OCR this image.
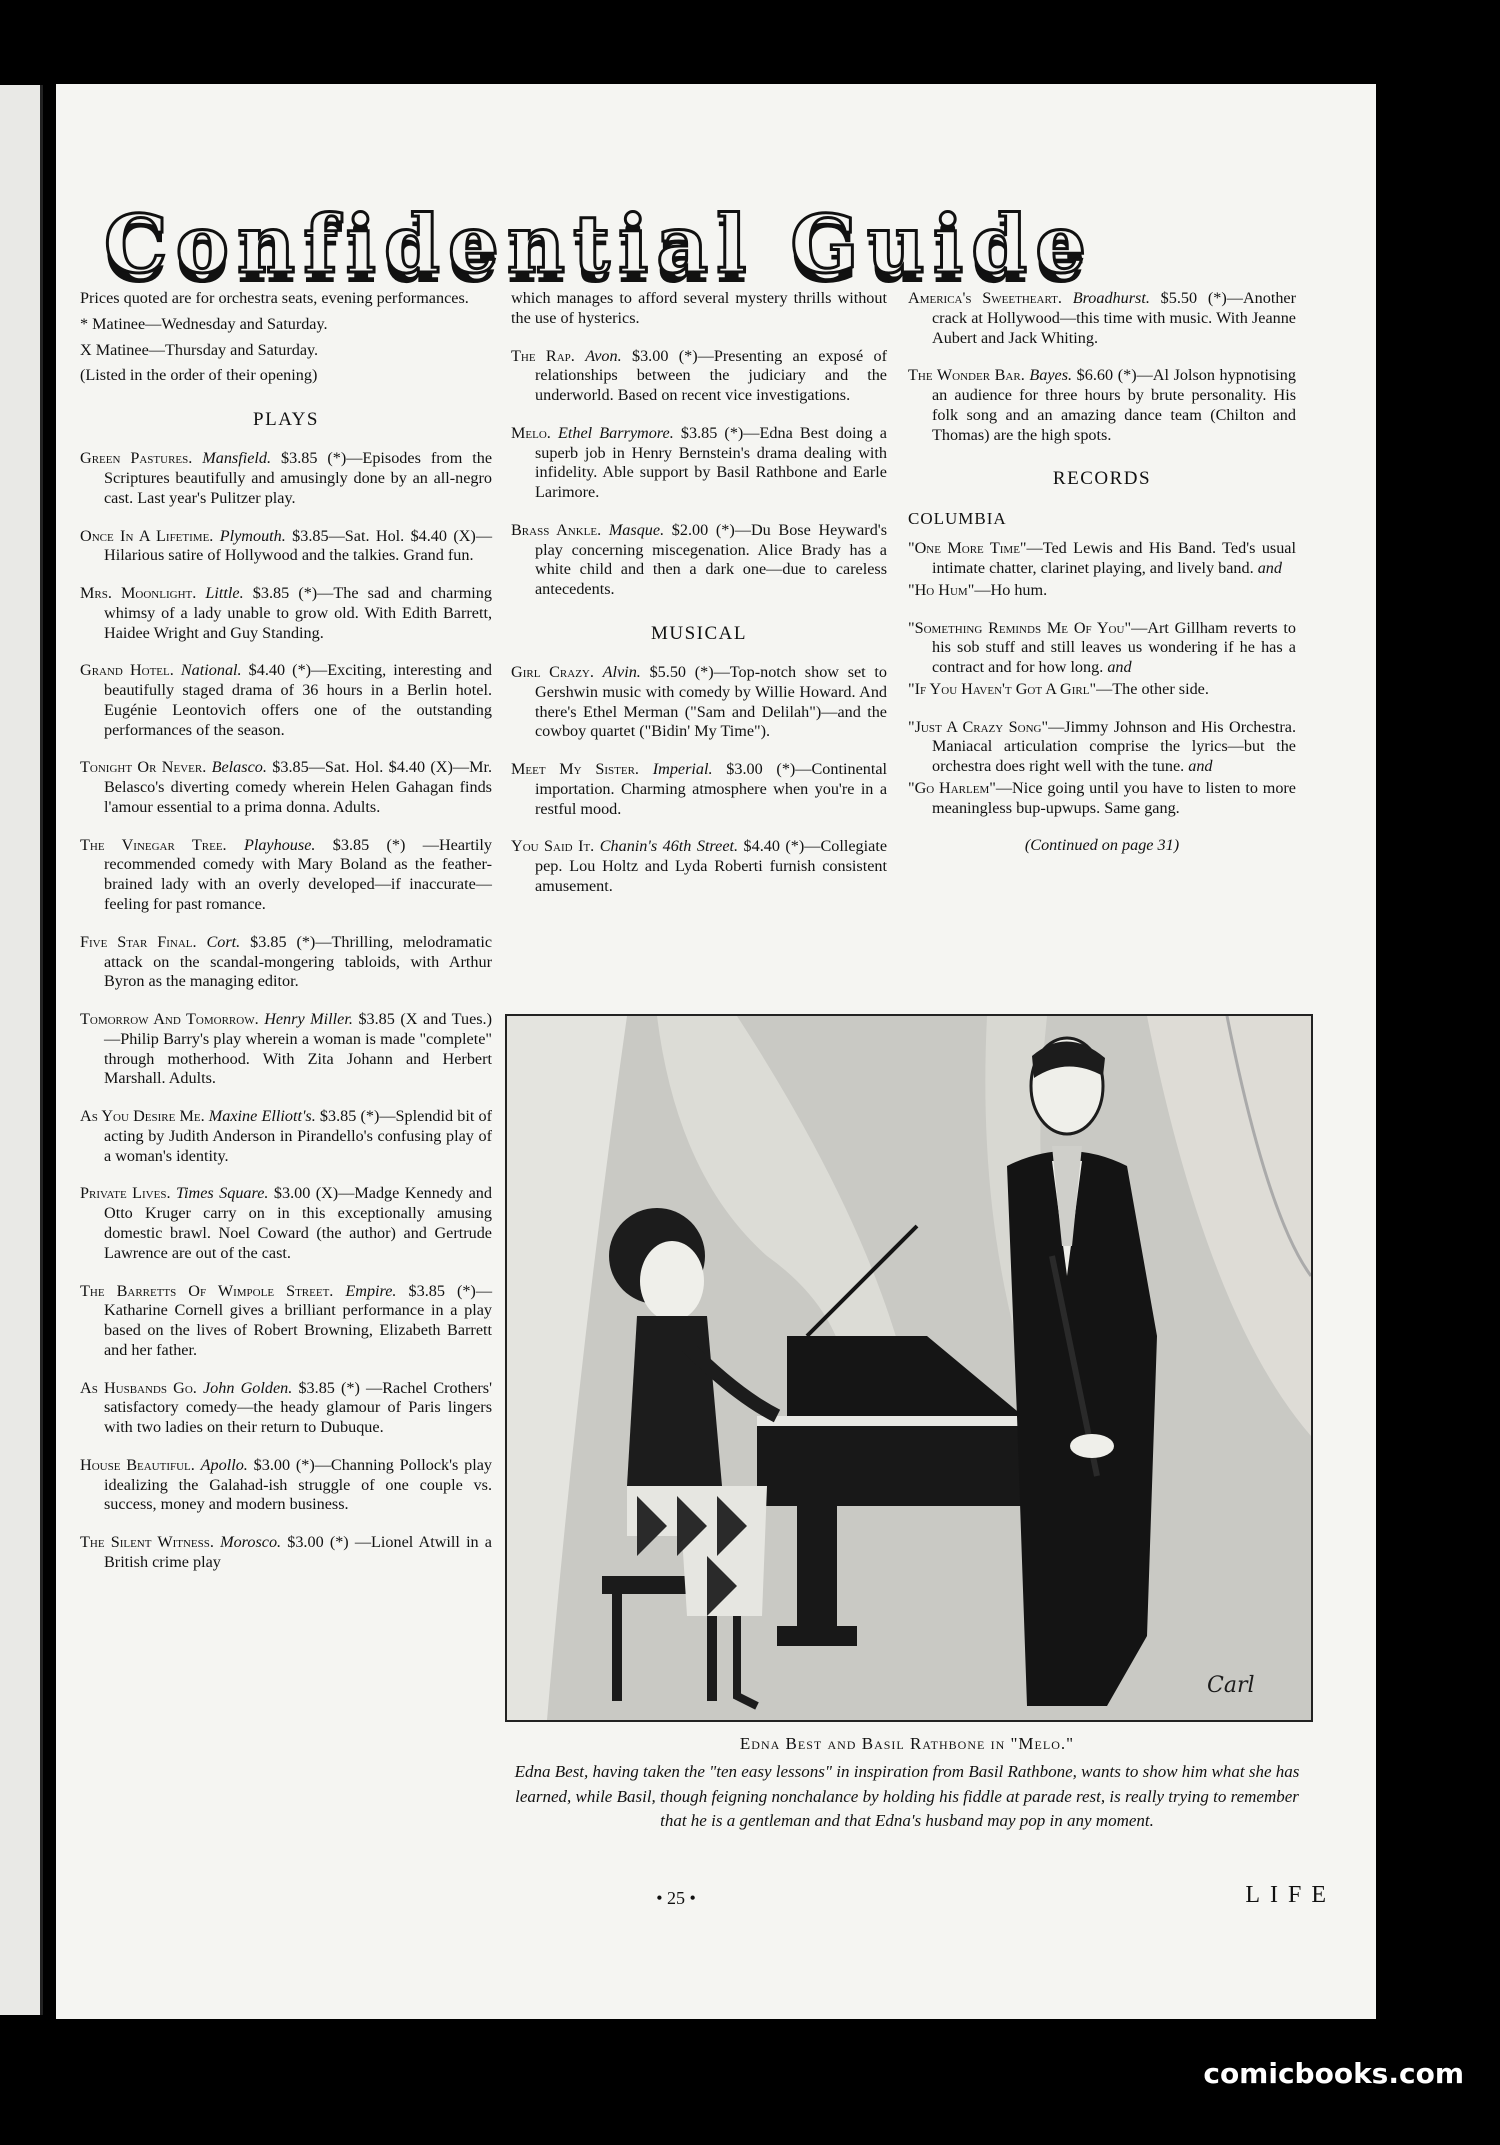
Confidential Guide

Prices quoted are for orchestra seats, evening performances.

* Matinee—Wednesday and Saturday.

X Matinee—Thursday and Saturday.

(Listed in the order of their opening)

PLAYS

Green Pastures. Mansfield. $3.85 (*)—Episodes from the Scriptures beautifully and amusingly done by an all-negro cast. Last year's Pulitzer play.

Once In A Lifetime. Plymouth. $3.85—Sat. Hol. $4.40 (X)—Hilarious satire of Hollywood and the talkies. Grand fun.

Mrs. Moonlight. Little. $3.85 (*)—The sad and charming whimsy of a lady unable to grow old. With Edith Barrett, Haidee Wright and Guy Standing.

Grand Hotel. National. $4.40 (*)—Exciting, interesting and beautifully staged drama of 36 hours in a Berlin hotel. Eugénie Leontovich offers one of the outstanding performances of the season.

Tonight Or Never. Belasco. $3.85—Sat. Hol. $4.40 (X)—Mr. Belasco's diverting comedy wherein Helen Gahagan finds l'amour essential to a prima donna. Adults.

The Vinegar Tree. Playhouse. $3.85 (*) —Heartily recommended comedy with Mary Boland as the feather-brained lady with an overly developed—if inaccurate—feeling for past romance.

Five Star Final. Cort. $3.85 (*)—Thrilling, melodramatic attack on the scandal-mongering tabloids, with Arthur Byron as the managing editor.

Tomorrow And Tomorrow. Henry Miller. $3.85 (X and Tues.)—Philip Barry's play wherein a woman is made "complete" through motherhood. With Zita Johann and Herbert Marshall. Adults.

As You Desire Me. Maxine Elliott's. $3.85 (*)—Splendid bit of acting by Judith Anderson in Pirandello's confusing play of a woman's identity.

Private Lives. Times Square. $3.00 (X)—Madge Kennedy and Otto Kruger carry on in this exceptionally amusing domestic brawl. Noel Coward (the author) and Gertrude Lawrence are out of the cast.

The Barretts Of Wimpole Street. Empire. $3.85 (*)—Katharine Cornell gives a brilliant performance in a play based on the lives of Robert Browning, Elizabeth Barrett and her father.

As Husbands Go. John Golden. $3.85 (*) —Rachel Crothers' satisfactory comedy—the heady glamour of Paris lingers with two ladies on their return to Dubuque.

House Beautiful. Apollo. $3.00 (*)—Channing Pollock's play idealizing the Galahad-ish struggle of one couple vs. success, money and modern business.

The Silent Witness. Morosco. $3.00 (*) —Lionel Atwill in a British crime play

which manages to afford several mystery thrills without the use of hysterics.

The Rap. Avon. $3.00 (*)—Presenting an exposé of relationships between the judiciary and the underworld. Based on recent vice investigations.

Melo. Ethel Barrymore. $3.85 (*)—Edna Best doing a superb job in Henry Bernstein's drama dealing with infidelity. Able support by Basil Rathbone and Earle Larimore.

Brass Ankle. Masque. $2.00 (*)—Du Bose Heyward's play concerning miscegenation. Alice Brady has a white child and then a dark one—due to careless antecedents.

MUSICAL

Girl Crazy. Alvin. $5.50 (*)—Top-notch show set to Gershwin music with comedy by Willie Howard. And there's Ethel Merman ("Sam and Delilah")—and the cowboy quartet ("Bidin' My Time").

Meet My Sister. Imperial. $3.00 (*)—Continental importation. Charming atmosphere when you're in a restful mood.

You Said It. Chanin's 46th Street. $4.40 (*)—Collegiate pep. Lou Holtz and Lyda Roberti furnish consistent amusement.

America's Sweetheart. Broadhurst. $5.50 (*)—Another crack at Hollywood—this time with music. With Jeanne Aubert and Jack Whiting.

The Wonder Bar. Bayes. $6.60 (*)—Al Jolson hypnotising an audience for three hours by brute personality. His folk song and an amazing dance team (Chilton and Thomas) are the high spots.

RECORDS
COLUMBIA

"One More Time"—Ted Lewis and His Band. Ted's usual intimate chatter, clarinet playing, and lively band. and

"Ho Hum"—Ho hum.

"Something Reminds Me Of You"—Art Gillham reverts to his sob stuff and still leaves us wondering if he has a contract and for how long. and

"If You Haven't Got A Girl"—The other side.

"Just A Crazy Song"—Jimmy Johnson and His Orchestra. Maniacal articulation comprise the lyrics—but the orchestra does right well with the tune. and

"Go Harlem"—Nice going until you have to listen to more meaningless bup-upwups. Same gang.

(Continued on page 31)

Carl
Edna Best and Basil Rathbone in "Melo."
Edna Best, having taken the "ten easy lessons" in inspiration from Basil Rathbone, wants to show him what she has learned, while Basil, though feigning nonchalance by holding his fiddle at parade rest, is really trying to remember that he is a gentleman and that Edna's husband may pop in any moment.
• 25 •	LIFE
comicbooks.com
